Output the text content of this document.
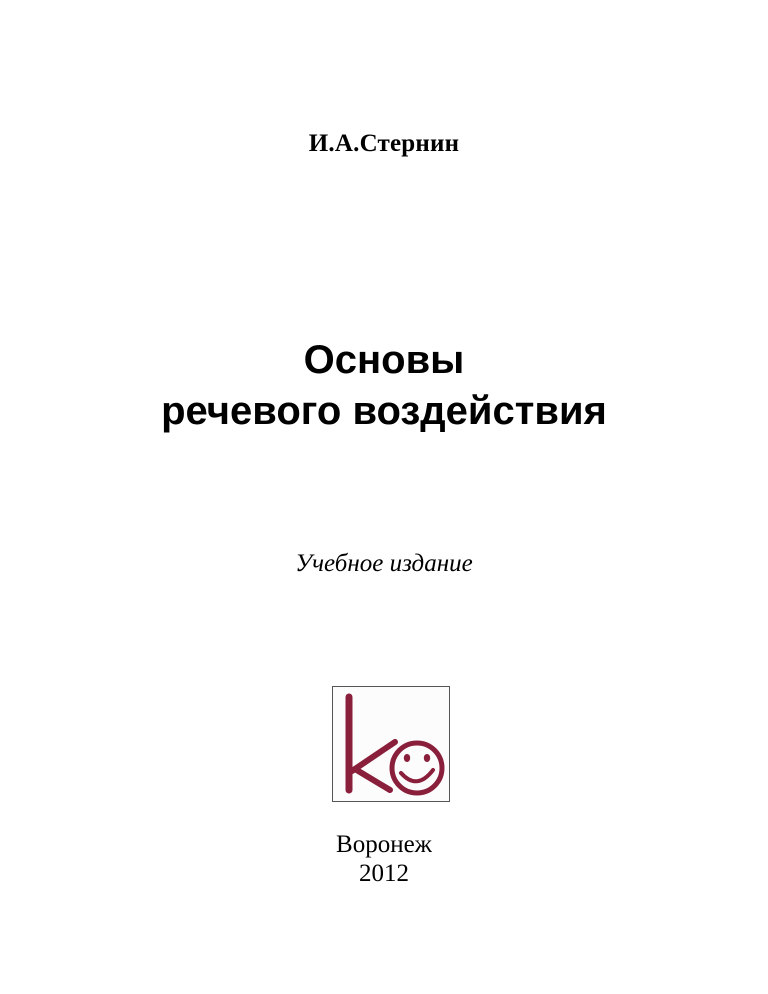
И.А.Стернин
Основы
речевого воздействия
Учебное издание
Воронеж
2012
